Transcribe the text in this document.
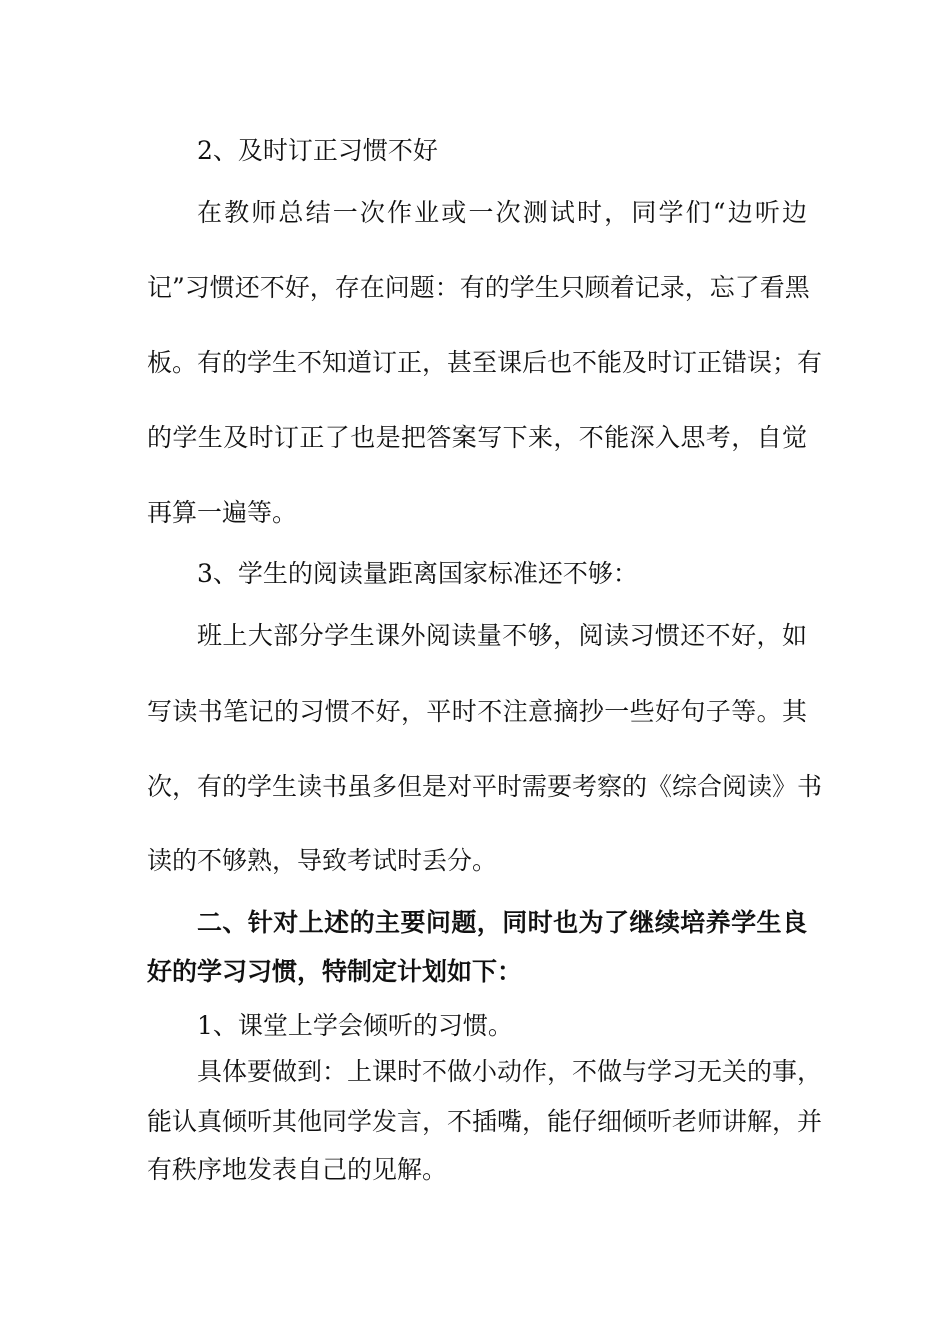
2、及时订正习惯不好
在教师总结一次作业或一次测试时，同学们“边听边
记”习惯还不好，存在问题：有的学生只顾着记录，忘了看黑
板。有的学生不知道订正，甚至课后也不能及时订正错误；有
的学生及时订正了也是把答案写下来，不能深入思考，自觉
再算一遍等。
3、学生的阅读量距离国家标准还不够：
班上大部分学生课外阅读量不够，阅读习惯还不好，如
写读书笔记的习惯不好，平时不注意摘抄一些好句子等。其
次，有的学生读书虽多但是对平时需要考察的《综合阅读》书
读的不够熟，导致考试时丢分。
二、针对上述的主要问题，同时也为了继续培养学生良
好的学习习惯，特制定计划如下：
1、课堂上学会倾听的习惯。
具体要做到：上课时不做小动作，不做与学习无关的事，
能认真倾听其他同学发言，不插嘴，能仔细倾听老师讲解，并
有秩序地发表自己的见解。
